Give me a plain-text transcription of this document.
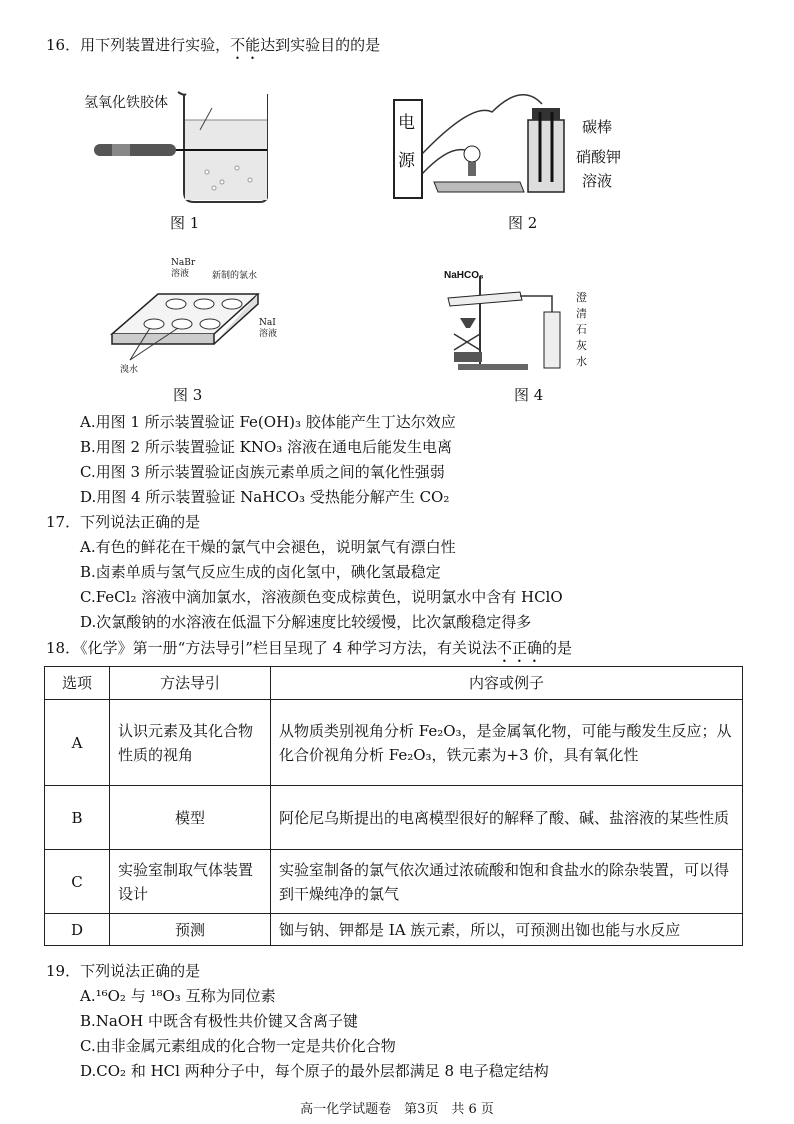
16．用下列装置进行实验，不能达到实验目的的是
氢氧化铁胶体
图 1
电
源
碳棒
硝酸钾
溶液
图 2
NaBr
溶液	新制的氯水
NaI
溶液
溴水
图 3
NaHCO₃
澄
清
石
灰
水
图 4
A.用图 1 所示装置验证 Fe(OH)₃ 胶体能产生丁达尔效应
B.用图 2 所示装置验证 KNO₃ 溶液在通电后能发生电离
C.用图 3 所示装置验证卤族元素单质之间的氧化性强弱
D.用图 4 所示装置验证 NaHCO₃ 受热能分解产生 CO₂
17．下列说法正确的是
A.有色的鲜花在干燥的氯气中会褪色，说明氯气有漂白性
B.卤素单质与氢气反应生成的卤化氢中，碘化氢最稳定
C.FeCl₂ 溶液中滴加氯水，溶液颜色变成棕黄色，说明氯水中含有 HClO
D.次氯酸钠的水溶液在低温下分解速度比较缓慢，比次氯酸稳定得多
18．《化学》第一册“方法导引”栏目呈现了 4 种学习方法，有关说法不正确的是
选项	方法导引	内容或例子
A	认识元素及其化合物性质的视角	从物质类别视角分析 Fe₂O₃，是金属氧化物，可能与酸发生反应；从化合价视角分析 Fe₂O₃，铁元素为+3 价，具有氧化性
B	模型	阿伦尼乌斯提出的电离模型很好的解释了酸、碱、盐溶液的某些性质
C	实验室制取气体装置设计	实验室制备的氯气依次通过浓硫酸和饱和食盐水的除杂装置，可以得到干燥纯净的氯气
D	预测	铷与钠、钾都是 IA 族元素，所以，可预测出铷也能与水反应
19．下列说法正确的是
A.¹⁶O₂ 与 ¹⁸O₃ 互称为同位素
B.NaOH 中既含有极性共价键又含离子键
C.由非金属元素组成的化合物一定是共价化合物
D.CO₂ 和 HCl 两种分子中，每个原子的最外层都满足 8 电子稳定结构
高一化学试题卷　第3页　共 6 页
